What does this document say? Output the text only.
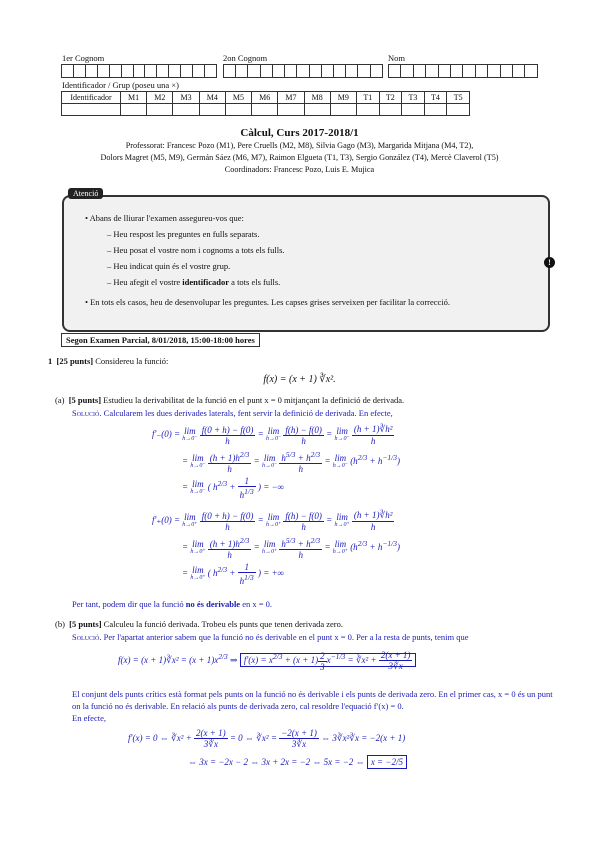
1er Cognom	2on Cognom	Nom

Identificador / Grup (poseu una ×)
Identificador	M1	M2	M3	M4	M5	M6	M7	M8	M9	T1	T2	T3	T4	T5

Càlcul, Curs 2017-2018/1
Professorat: Francesc Pozo (M1), Pere Cruells (M2, M8), Silvia Gago (M3), Margarida Mitjana (M4, T2),
Dolors Magret (M5, M9), Germán Sáez (M6, M7), Raimon Elgueta (T1, T3), Sergio González (T4), Mercè Claverol (T5)
Coordinadors: Francesc Pozo, Luis E. Mujica
Atenció
!
• Abans de lliurar l'examen assegureu-vos que:
– Heu respost les preguntes en fulls separats.
– Heu posat el vostre nom i cognoms a tots els fulls.
– Heu indicat quin és el vostre grup.
– Heu afegit el vostre identificador a tots els fulls.
• En tots els casos, heu de desenvolupar les preguntes. Les capses grises serveixen per facilitar la correcció.
Segon Examen Parcial, 8/01/2018, 15:00-18:00 hores
1 [25 punts] Considereu la funció:
f(x) = (x + 1) ∛x².
(a) [5 punts] Estudieu la derivabilitat de la funció en el punt x = 0 mitjançant la definició de derivada.
Solució. Calcularem les dues derivades laterals, fent servir la definició de derivada. En efecte,
f′₋(0) = lim
h→0⁻
$\frac{f(0 + h) - f(0)}{h} = \lim$
h→0⁻
$\frac{f(h) - f(0)}{h} = \lim$
h→0⁻
$\frac{\text{(h + 1)∛h²}}{h}$
= lim
h→0⁻
$\frac{(h + 1)h^{2/3}}{h} = \lim$
h→0⁻
$\frac{h^{5/3} + h^{2/3}}{h} = \lim$
h→0⁻ $(h^{2/3} + h^{-1/3})$
= lim
h→0⁻ ( $h^{2/3} + \frac{1}{h^{1/3}}$ ) = −∞
f′₊(0) = lim
h→0⁺
$\frac{f(0 + h) - f(0)}{h} = \lim$
h→0⁺
$\frac{f(h) - f(0)}{h} = \lim$
h→0⁺
$\frac{\text{(h + 1)∛h²}}{h}$
= lim
h→0⁺
$\frac{(h + 1)h^{2/3}}{h} = \lim$
h→0⁺
$\frac{h^{5/3} + h^{2/3}}{h} = \lim$
h→0⁺ $(h^{2/3} + h^{-1/3})$
= lim
h→0⁺ ( $h^{2/3} + \frac{1}{h^{1/3}}$ ) = +∞
Per tant, podem dir que la funció no és derivable en x = 0.
(b) [5 punts] Calculeu la funció derivada. Trobeu els punts que tenen derivada zero.
Solució. Per l'apartat anterior sabem que la funció no és derivable en el punt x = 0. Per a la resta de punts, tenim que
f(x) = (x + 1)∛x² = $(x + 1)x^{2/3}$ ⇒ $f'(x) = x^{2/3} + (x + 1) \frac{2}{3} x^{-1/3}$ = ∛x² + $\frac{2(x + 1)}{3∛x}$
El conjunt dels punts crítics està format pels punts on la funció no és derivable i els punts de derivada zero. En el primer cas, x = 0 és un punt on la funció no és derivable. En relació als punts de derivada zero, cal resoldre l'equació f′(x) = 0.
En efecte,
f′(x) = 0 ⇔ ∛x² + $\frac{2(x + 1)}{3∛x} = 0$ ⇔ ∛x² = $\frac{-2(x + 1)}{3∛x}$ ⇔ 3∛x²∛x = −2(x + 1)
⇔ 3x = −2x − 2 ⇔ 3x + 2x = −2 ⇔ 5x = −2 ⇔ x = −2/5
